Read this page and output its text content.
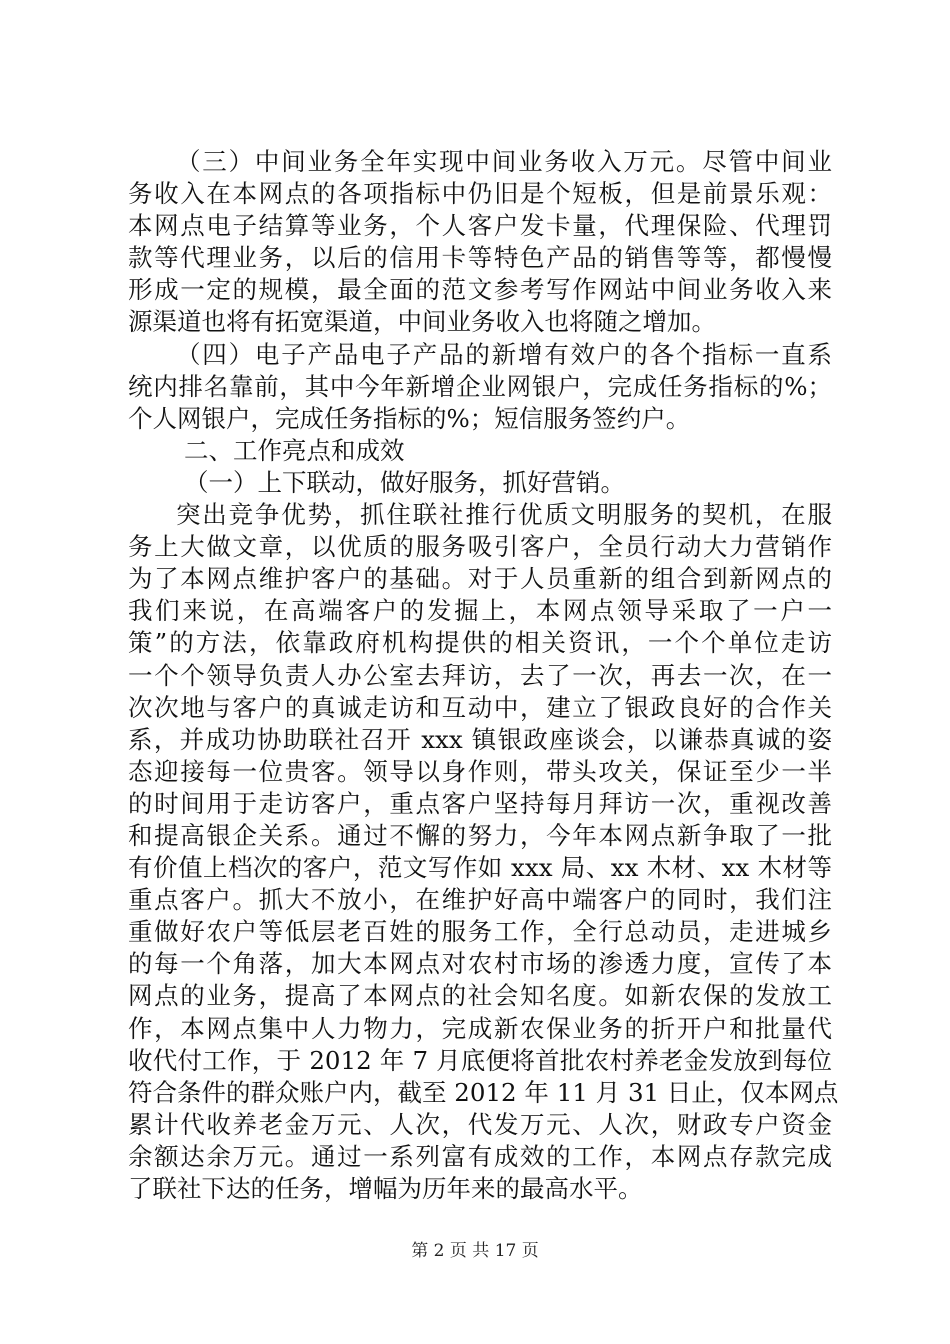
（三）中间业务全年实现中间业务收入万元。尽管中间业
务收入在本网点的各项指标中仍旧是个短板，但是前景乐观：
本网点电子结算等业务，个人客户发卡量，代理保险、代理罚
款等代理业务，以后的信用卡等特色产品的销售等等，都慢慢
形成一定的规模，最全面的范文参考写作网站中间业务收入来
源渠道也将有拓宽渠道，中间业务收入也将随之增加。
（四）电子产品电子产品的新增有效户的各个指标一直系
统内排名靠前，其中今年新增企业网银户，完成任务指标的%；
个人网银户，完成任务指标的%；短信服务签约户。
二、工作亮点和成效
（一）上下联动，做好服务，抓好营销。
突出竞争优势，抓住联社推行优质文明服务的契机，在服
务上大做文章，以优质的服务吸引客户，全员行动大力营销作
为了本网点维护客户的基础。对于人员重新的组合到新网点的
我们来说，在高端客户的发掘上，本网点领导采取了一户一
策”的方法，依靠政府机构提供的相关资讯，一个个单位走访
一个个领导负责人办公室去拜访，去了一次，再去一次，在一
次次地与客户的真诚走访和互动中，建立了银政良好的合作关
系，并成功协助联社召开 xxx 镇银政座谈会，以谦恭真诚的姿
态迎接每一位贵客。领导以身作则，带头攻关，保证至少一半
的时间用于走访客户，重点客户坚持每月拜访一次，重视改善
和提高银企关系。通过不懈的努力，今年本网点新争取了一批
有价值上档次的客户，范文写作如 xxx 局、xx 木材、xx 木材等
重点客户。抓大不放小，在维护好高中端客户的同时，我们注
重做好农户等低层老百姓的服务工作，全行总动员，走进城乡
的每一个角落，加大本网点对农村市场的渗透力度，宣传了本
网点的业务，提高了本网点的社会知名度。如新农保的发放工
作，本网点集中人力物力，完成新农保业务的折开户和批量代
收代付工作，于 2012 年 7 月底便将首批农村养老金发放到每位
符合条件的群众账户内，截至 2012 年 11 月 31 日止，仅本网点
累计代收养老金万元、人次，代发万元、人次，财政专户资金
余额达余万元。通过一系列富有成效的工作，本网点存款完成
了联社下达的任务，增幅为历年来的最高水平。
第 2 页 共 17 页
